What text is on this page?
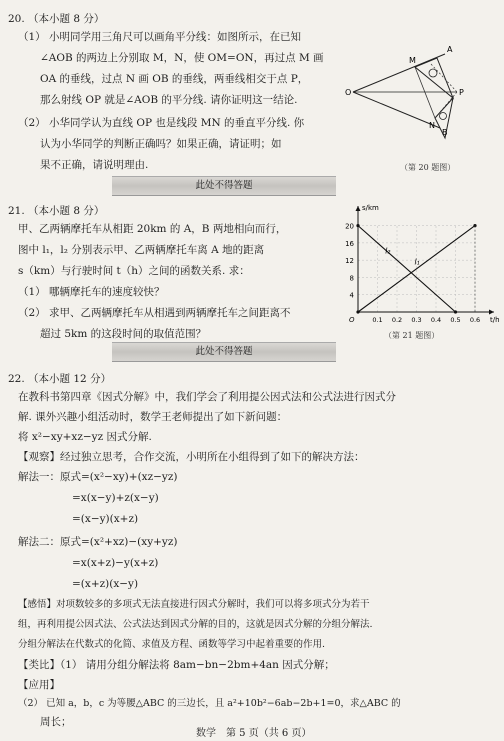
20. （本小题 8 分）
（1） 小明同学用三角尺可以画角平分线：如图所示，在已知
∠AOB 的两边上分别取 M，N，使 OM=ON，再过点 M 画
OA 的垂线，过点 N 画 OB 的垂线，两垂线相交于点 P，
那么射线 OP 就是∠AOB 的平分线. 请你证明这一结论.
（2） 小华同学认为直线 OP 也是线段 MN 的垂直平分线. 你
认为小华同学的判断正确吗？如果正确，请证明；如
果不正确，请说明理由.
O
A
B
M
N
P
（第 20 题图）
此处不得答题
21. （本小题 8 分）
甲、乙两辆摩托车从相距 20km 的 A，B 两地相向而行，
图中 l₁，l₂ 分别表示甲、乙两辆摩托车离 A 地的距离
s（km）与行驶时间 t（h）之间的函数关系. 求：
（1） 哪辆摩托车的速度较快？
（2） 求甲、乙两辆摩托车从相遇到两辆摩托车之间距离不
超过 5km 的这段时间的取值范围？
4
8
12
16
20
0.1 0.2 0.3 0.4 0.5 0.6
s/km
t/h
O
l₂
l₁
（第 21 题图）
此处不得答题
22. （本小题 12 分）
在教科书第四章《因式分解》中，我们学会了利用提公因式法和公式法进行因式分
解. 课外兴趣小组活动时，数学王老师提出了如下新问题：
将 x²−xy+xz−yz 因式分解.
【观察】经过独立思考，合作交流，小明所在小组得到了如下的解决方法：
解法一：原式=(x²−xy)+(xz−yz)
=x(x−y)+z(x−y)
=(x−y)(x+z)
解法二：原式=(x²+xz)−(xy+yz)
=x(x+z)−y(x+z)
=(x+z)(x−y)
【感悟】对项数较多的多项式无法直接进行因式分解时，我们可以将多项式分为若干
组，再利用提公因式法、公式法达到因式分解的目的，这就是因式分解的分组分解法.
分组分解法在代数式的化简、求值及方程、函数等学习中起着重要的作用.
【类比】（1） 请用分组分解法将 8am−bn−2bm+4an 因式分解；
【应用】
（2） 已知 a，b，c 为等腰△ABC 的三边长，且 a²+10b²−6ab−2b+1=0，求△ABC 的
周长；
数学　第 5 页（共 6 页）
